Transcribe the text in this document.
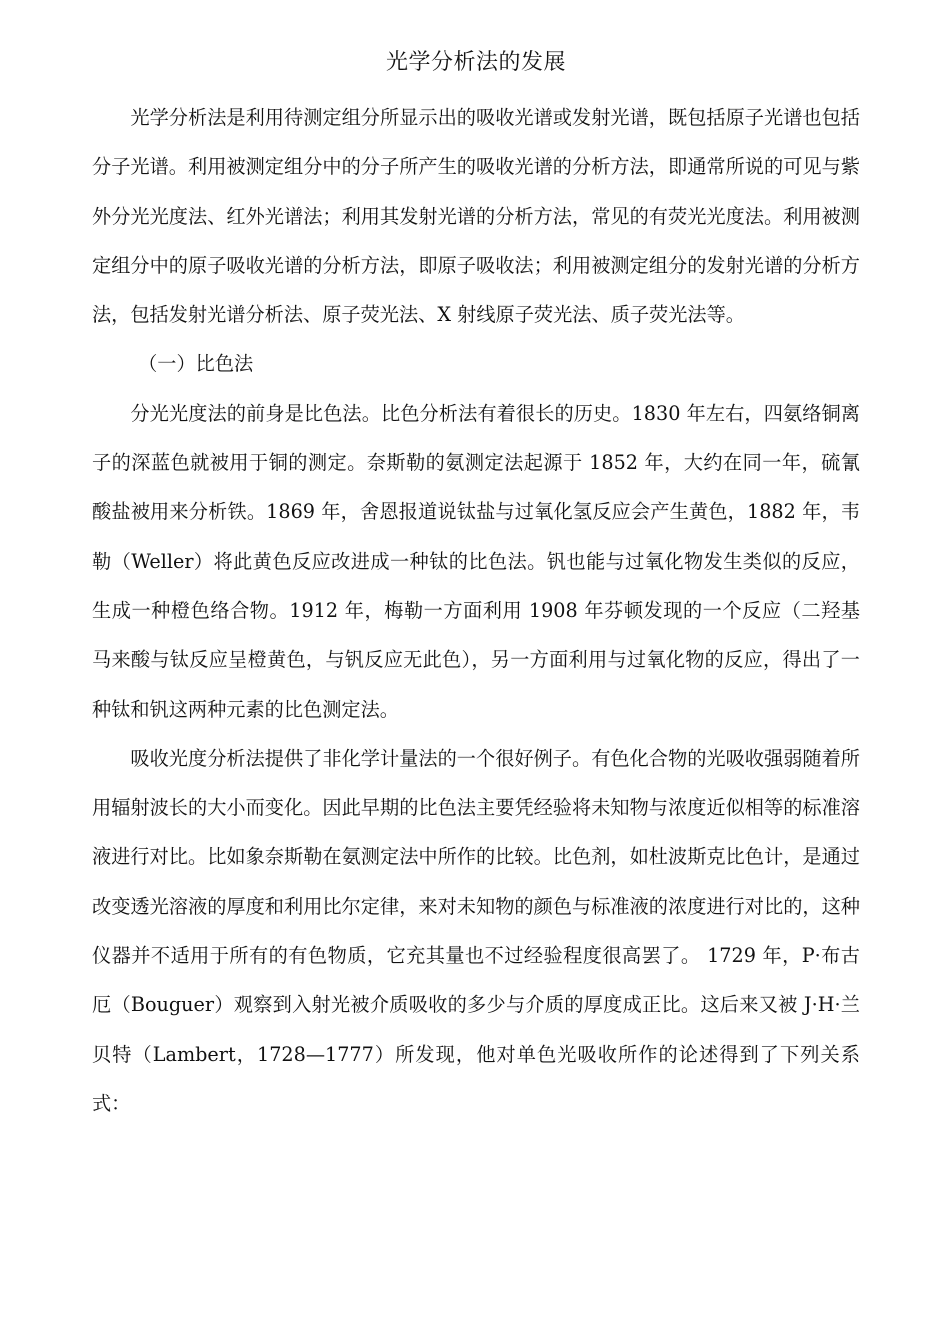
光学分析法的发展

光学分析法是利用待测定组分所显示出的吸收光谱或发射光谱，既包括原子光谱也包括分子光谱。利用被测定组分中的分子所产生的吸收光谱的分析方法，即通常所说的可见与紫外分光光度法、红外光谱法；利用其发射光谱的分析方法，常见的有荧光光度法。利用被测定组分中的原子吸收光谱的分析方法，即原子吸收法；利用被测定组分的发射光谱的分析方法，包括发射光谱分析法、原子荧光法、X 射线原子荧光法、质子荧光法等。

（一）比色法

分光光度法的前身是比色法。比色分析法有着很长的历史。1830 年左右，四氨络铜离子的深蓝色就被用于铜的测定。奈斯勒的氨测定法起源于 1852 年，大约在同一年，硫氰酸盐被用来分析铁。1869 年，舍恩报道说钛盐与过氧化氢反应会产生黄色，1882 年，韦勒（Weller）将此黄色反应改进成一种钛的比色法。钒也能与过氧化物发生类似的反应，生成一种橙色络合物。1912 年，梅勒一方面利用 1908 年芬顿发现的一个反应（二羟基马来酸与钛反应呈橙黄色，与钒反应无此色），另一方面利用与过氧化物的反应，得出了一种钛和钒这两种元素的比色测定法。

吸收光度分析法提供了非化学计量法的一个很好例子。有色化合物的光吸收强弱随着所用辐射波长的大小而变化。因此早期的比色法主要凭经验将未知物与浓度近似相等的标准溶液进行对比。比如象奈斯勒在氨测定法中所作的比较。比色剂，如杜波斯克比色计，是通过改变透光溶液的厚度和利用比尔定律，来对未知物的颜色与标准液的浓度进行对比的，这种仪器并不适用于所有的有色物质，它充其量也不过经验程度很高罢了。 1729 年，P·布古厄（Bouguer）观察到入射光被介质吸收的多少与介质的厚度成正比。这后来又被 J·H·兰贝特（Lambert，1728—1777）所发现，他对单色光吸收所作的论述得到了下列关系式：
